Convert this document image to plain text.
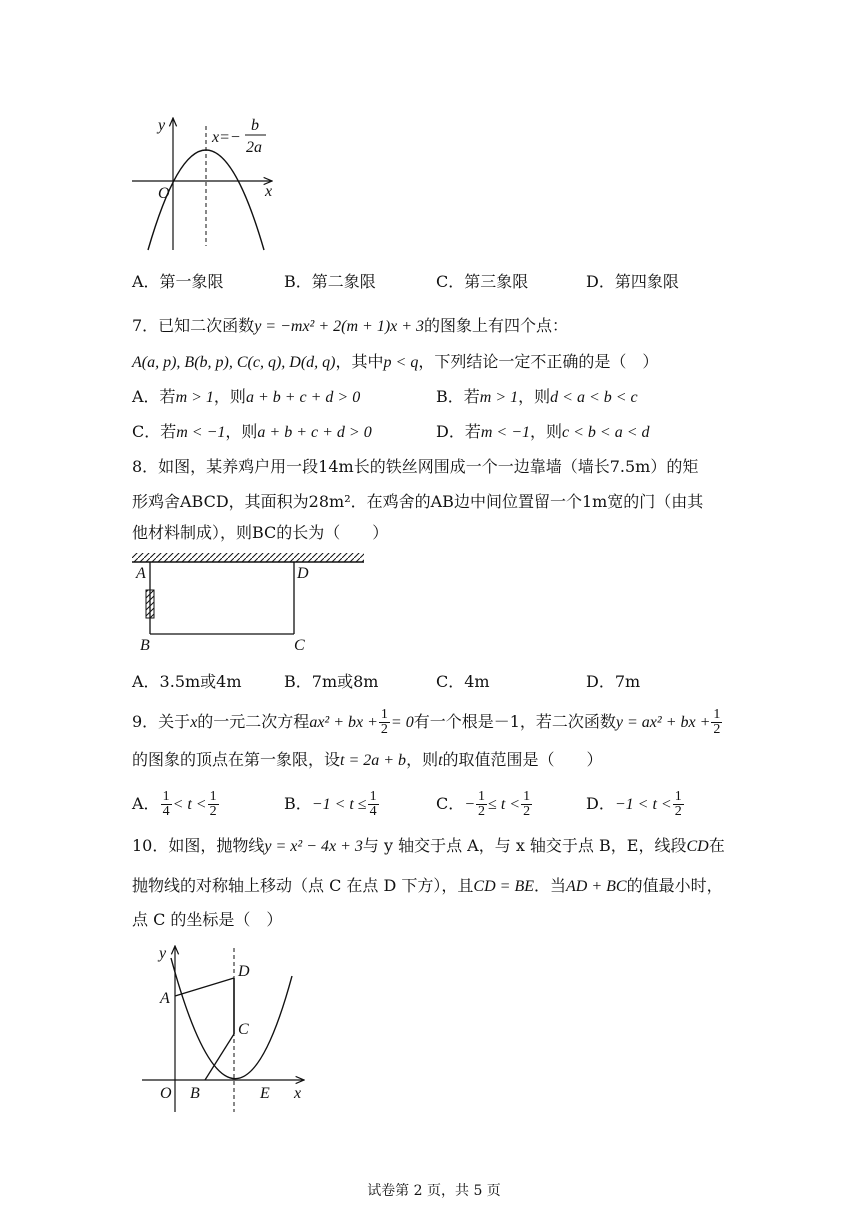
y
x
O
x=−
b
2a
A	D
B	C
y
x
O
A
B	E
D
C
A．第一象限	B．第二象限	C．第三象限	D．第四象限
7．已知二次函数y = −mx² + 2(m + 1)x + 3的图象上有四个点：
A(a, p), B(b, p), C(c, q), D(d, q)，其中p < q，下列结论一定不正确的是（　）
A．若m > 1，则a + b + c + d > 0	B．若m > 1，则d < a < b < c
C．若m < −1，则a + b + c + d > 0	D．若m < −1，则c < b < a < d
8．如图，某养鸡户用一段14m长的铁丝网围成一个一边靠墙（墙长7.5m）的矩
形鸡舍ABCD，其面积为28m²．在鸡舍的AB边中间位置留一个1m宽的门（由其
他材料制成），则BC的长为（　　）
A．3.5m或4m	B．7m或8m	C．4m	D．7m
9．关于x的一元二次方程ax² + bx + $\frac{1}{2} = 0$有一个根是－1，若二次函数y = ax² + bx + $\frac{1}{2}$
的图象的顶点在第一象限，设t = 2a + b，则t的取值范围是（　　）
A． $\frac{1}{4} < t < \frac{1}{2}$	B．$-1 < t \le \frac{1}{4}$	C．− $\frac{1}{2} \le t < \frac{1}{2}$	D．$-1 < t < \frac{1}{2}$
10．如图，抛物线y = x² − 4x + 3与 y 轴交于点 A，与 x 轴交于点 B，E，线段CD在
抛物线的对称轴上移动（点 C 在点 D 下方），且CD = BE．当AD + BC的值最小时，
点 C 的坐标是（　）
试卷第 2 页，共 5 页
